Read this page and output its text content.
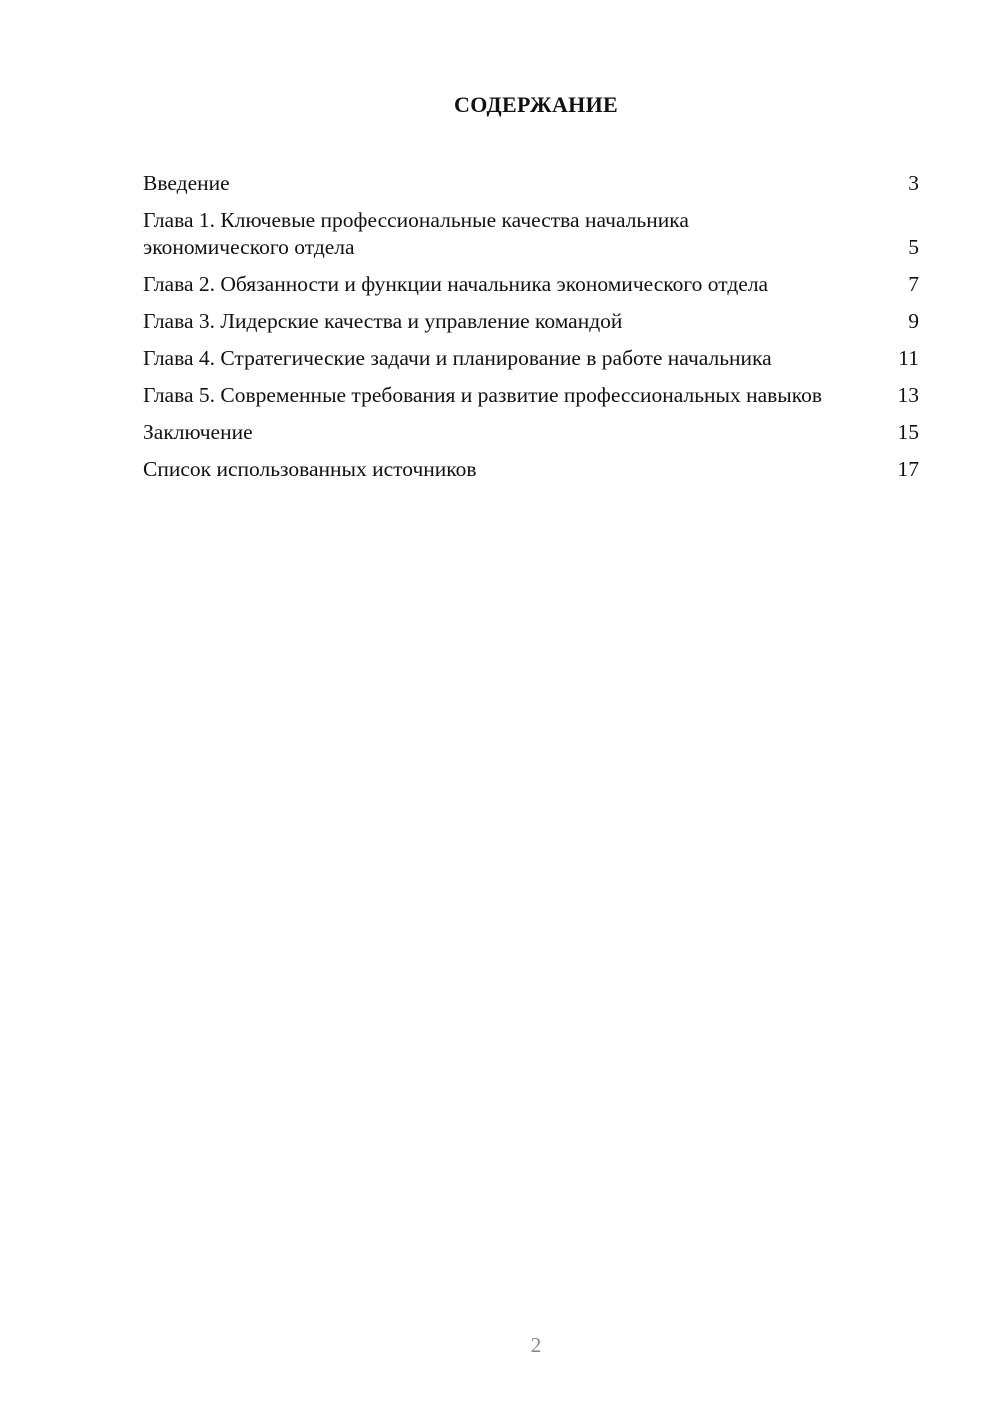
СОДЕРЖАНИЕ
Введение	3
Глава 1. Ключевые профессиональные качества начальника экономического отдела	5
Глава 2. Обязанности и функции начальника экономического отдела	7
Глава 3. Лидерские качества и управление командой	9
Глава 4. Стратегические задачи и планирование в работе начальника	11
Глава 5. Современные требования и развитие профессиональных навыков	13
Заключение	15
Список использованных источников	17
2
